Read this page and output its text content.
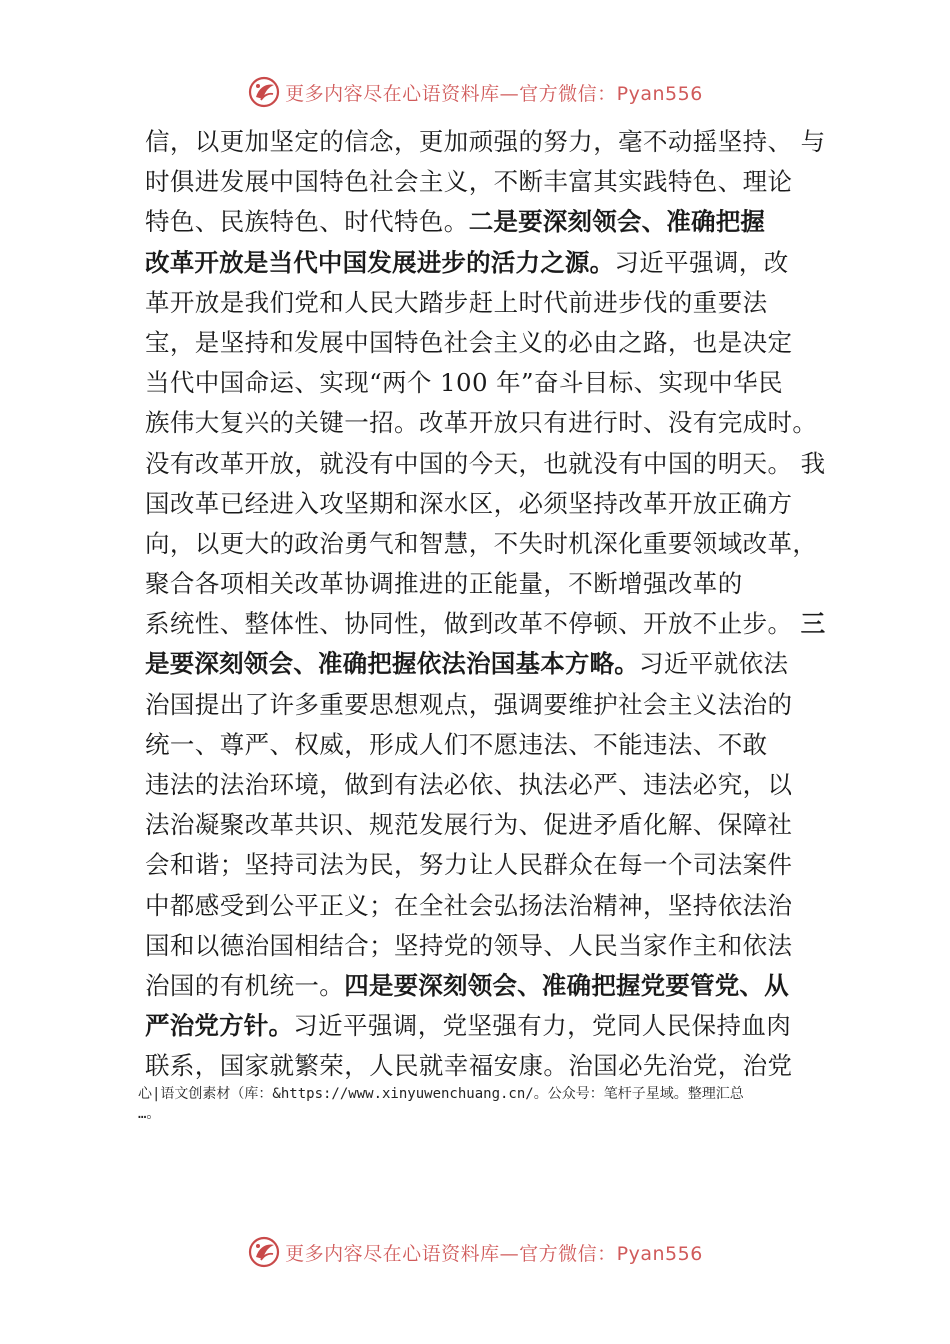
更多内容尽在心语资料库—官方微信：Pyan556
信，以更加坚定的信念，更加顽强的努力，毫不动摇坚持、 与
时俱进发展中国特色社会主义，不断丰富其实践特色、理论
特色、民族特色、时代特色。二是要深刻领会、准确把握
改革开放是当代中国发展进步的活力之源。习近平强调，改
革开放是我们党和人民大踏步赶上时代前进步伐的重要法
宝，是坚持和发展中国特色社会主义的必由之路，也是决定
当代中国命运、实现“两个 100 年”奋斗目标、实现中华民
族伟大复兴的关键一招。改革开放只有进行时、没有完成时。
没有改革开放，就没有中国的今天，也就没有中国的明天。 我
国改革已经进入攻坚期和深水区，必须坚持改革开放正确方
向，以更大的政治勇气和智慧，不失时机深化重要领域改革，
聚合各项相关改革协调推进的正能量，不断增强改革的
系统性、整体性、协同性，做到改革不停顿、开放不止步。 三
是要深刻领会、准确把握依法治国基本方略。习近平就依法
治国提出了许多重要思想观点，强调要维护社会主义法治的
统一、尊严、权威，形成人们不愿违法、不能违法、不敢
违法的法治环境，做到有法必依、执法必严、违法必究，以
法治凝聚改革共识、规范发展行为、促进矛盾化解、保障社
会和谐；坚持司法为民，努力让人民群众在每一个司法案件
中都感受到公平正义；在全社会弘扬法治精神，坚持依法治
国和以德治国相结合；坚持党的领导、人民当家作主和依法
治国的有机统一。四是要深刻领会、准确把握党要管党、从
严治党方针。习近平强调，党坚强有力，党同人民保持血肉
联系，国家就繁荣，人民就幸福安康。治国必先治党，治党
心|语文创素材（库：&https://www.xinyuwenchuang.cn/。公众号：笔杆子星域。整理汇总
…。
更多内容尽在心语资料库—官方微信：Pyan556
